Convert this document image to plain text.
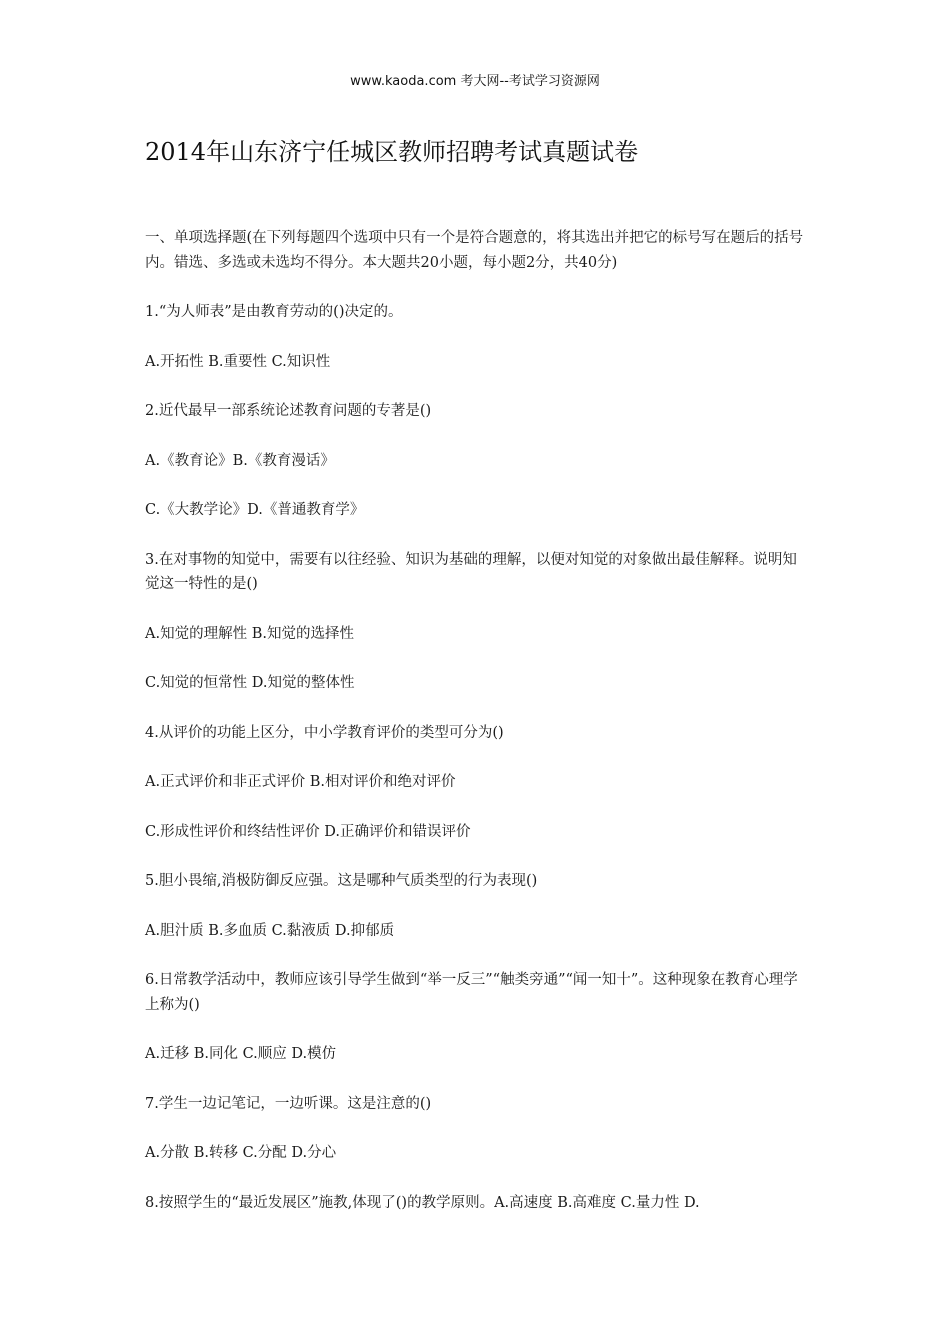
www.kaoda.com 考大网--考试学习资源网
2014年山东济宁任城区教师招聘考试真题试卷

一、单项选择题(在下列每题四个选项中只有一个是符合题意的，将其选出并把它的标号写在题后的括号内。错选、多选或未选均不得分。本大题共20小题，每小题2分，共40分)

1.“为人师表”是由教育劳动的()决定的。

A.开拓性 B.重要性 C.知识性

2.近代最早一部系统论述教育问题的专著是()

A.《教育论》B.《教育漫话》

C.《大教学论》D.《普通教育学》

3.在对事物的知觉中，需要有以往经验、知识为基础的理解，以便对知觉的对象做出最佳解释。说明知觉这一特性的是()

A.知觉的理解性 B.知觉的选择性

C.知觉的恒常性 D.知觉的整体性

4.从评价的功能上区分，中小学教育评价的类型可分为()

A.正式评价和非正式评价 B.相对评价和绝对评价

C.形成性评价和终结性评价 D.正确评价和错误评价

5.胆小畏缩,消极防御反应强。这是哪种气质类型的行为表现()

A.胆汁质 B.多血质 C.黏液质 D.抑郁质

6.日常教学活动中，教师应该引导学生做到“举一反三”“触类旁通”“闻一知十”。这种现象在教育心理学上称为()

A.迁移 B.同化 C.顺应 D.模仿

7.学生一边记笔记，一边听课。这是注意的()

A.分散 B.转移 C.分配 D.分心

8.按照学生的“最近发展区”施教,体现了()的教学原则。A.高速度 B.高难度 C.量力性 D.
